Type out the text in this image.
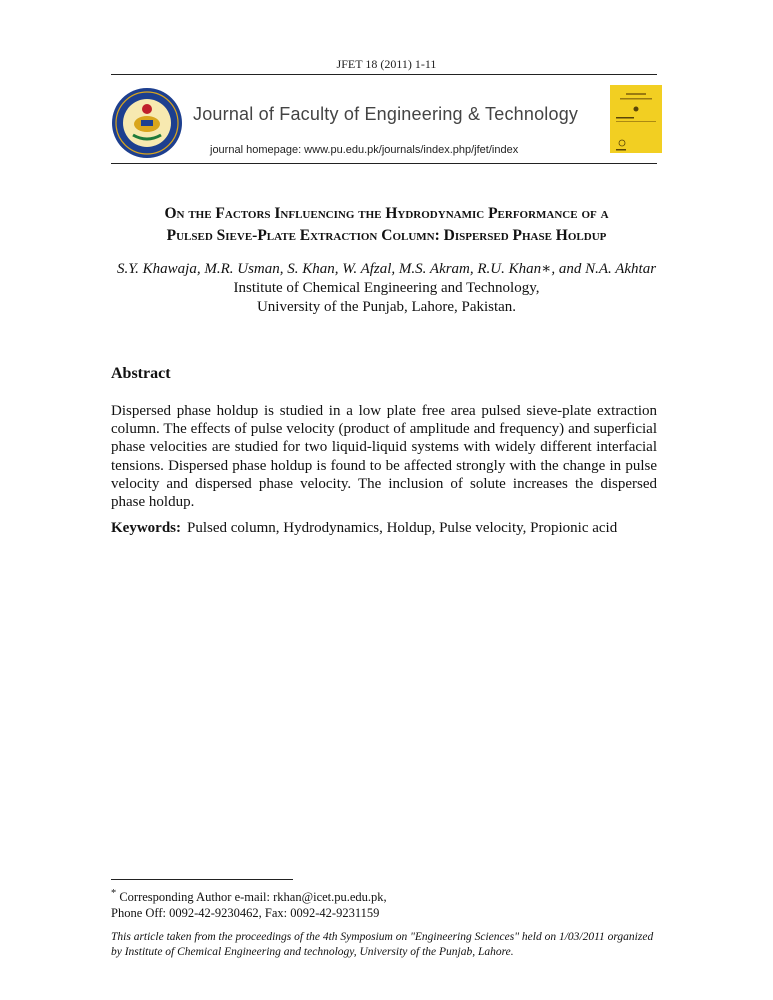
JFET 18 (2011) 1-11
Journal of Faculty of Engineering & Technology
journal homepage: www.pu.edu.pk/journals/index.php/jfet/index
On the Factors Influencing the Hydrodynamic Performance of a
Pulsed Sieve-Plate Extraction Column: Dispersed Phase Holdup
S.Y. Khawaja, M.R. Usman, S. Khan, W. Afzal, M.S. Akram, R.U. Khan∗, and N.A. Akhtar
Institute of Chemical Engineering and Technology,
University of the Punjab, Lahore, Pakistan.
Abstract
Dispersed phase holdup is studied in a low plate free area pulsed sieve-plate extraction column. The effects of pulse velocity (product of amplitude and frequency) and superficial phase velocities are studied for two liquid-liquid systems with widely different interfacial tensions. Dispersed phase holdup is found to be affected strongly with the change in pulse velocity and dispersed phase velocity. The inclusion of solute increases the dispersed phase holdup.
Keywords: Pulsed column, Hydrodynamics, Holdup, Pulse velocity, Propionic acid
* Corresponding Author e-mail: rkhan@icet.pu.edu.pk,
Phone Off: 0092-42-9230462, Fax: 0092-42-9231159
This article taken from the proceedings of the 4th Symposium on "Engineering Sciences" held on 1/03/2011 organized by Institute of Chemical Engineering and technology, University of the Punjab, Lahore.
